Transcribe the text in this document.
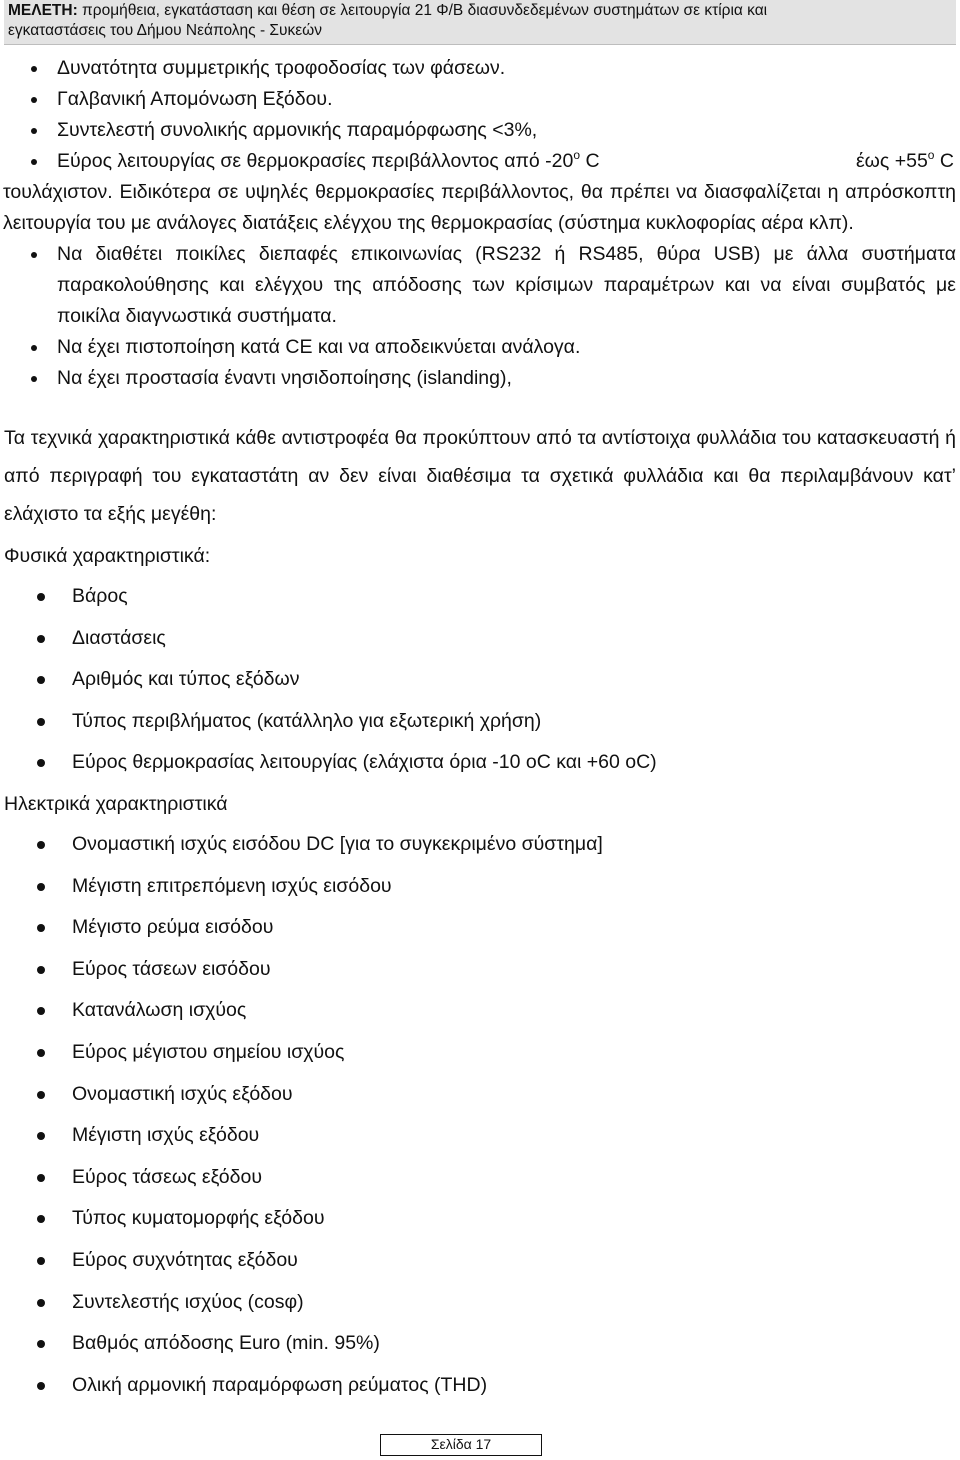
ΜΕΛΕΤΗ: προμήθεια, εγκατάσταση και θέση σε λειτουργία 21 Φ/Β διασυνδεδεμένων συστημάτων σε κτίρια και
εγκαταστάσεις του Δήμου Νεάπολης - Συκεών
Δυνατότητα συμμετρικής τροφοδοσίας των φάσεων.
Γαλβανική Απομόνωση Εξόδου.
Συντελεστή συνολικής αρμονικής παραμόρφωσης <3%,
Εύρος λειτουργίας σε θερμοκρασίες περιβάλλοντος από $-20^o$ C	$έ\omega\varsigma +55^o$ C
τουλάχιστον. Ειδικότερα σε υψηλές θερμοκρασίες περιβάλλοντος, θα πρέπει να διασφαλίζεται η απρόσκοπτη λειτουργία του με ανάλογες διατάξεις ελέγχου της θερμοκρασίας (σύστημα κυκλοφορίας αέρα κλπ).
Να διαθέτει ποικίλες διεπαφές επικοινωνίας (RS232 ή RS485, θύρα USB) με άλλα συστήματα παρακολούθησης και ελέγχου της απόδοσης των κρίσιμων παραμέτρων και να είναι συμβατός με ποικίλα διαγνωστικά συστήματα.
Να έχει πιστοποίηση κατά CE και να αποδεικνύεται ανάλογα.
Να έχει προστασία έναντι νησιδοποίησης (islanding),
Τα τεχνικά χαρακτηριστικά κάθε αντιστροφέα θα προκύπτουν από τα αντίστοιχα φυλλάδια του κατασκευαστή ή από περιγραφή του εγκαταστάτη αν δεν είναι διαθέσιμα τα σχετικά φυλλάδια και θα περιλαμβάνουν κατ’ ελάχιστο τα εξής μεγέθη:
Φυσικά χαρακτηριστικά:
Βάρος
Διαστάσεις
Αριθμός και τύπος εξόδων
Τύπος περιβλήματος (κατάλληλο για εξωτερική χρήση)
Εύρος θερμοκρασίας λειτουργίας (ελάχιστα όρια -10 οC και +60 oC)
Ηλεκτρικά χαρακτηριστικά
Ονομαστική ισχύς εισόδου DC [για το συγκεκριμένο σύστημα]
Μέγιστη επιτρεπόμενη ισχύς εισόδου
Μέγιστο ρεύμα εισόδου
Εύρος τάσεων εισόδου
Κατανάλωση ισχύος
Εύρος μέγιστου σημείου ισχύος
Ονομαστική ισχύς εξόδου
Μέγιστη ισχύς εξόδου
Εύρος τάσεως εξόδου
Τύπος κυματομορφής εξόδου
Εύρος συχνότητας εξόδου
Συντελεστής ισχύος (cosφ)
Βαθμός απόδοσης Euro (min. 95%)
Ολική αρμονική παραμόρφωση ρεύματος (THD)
Σελίδα 17
